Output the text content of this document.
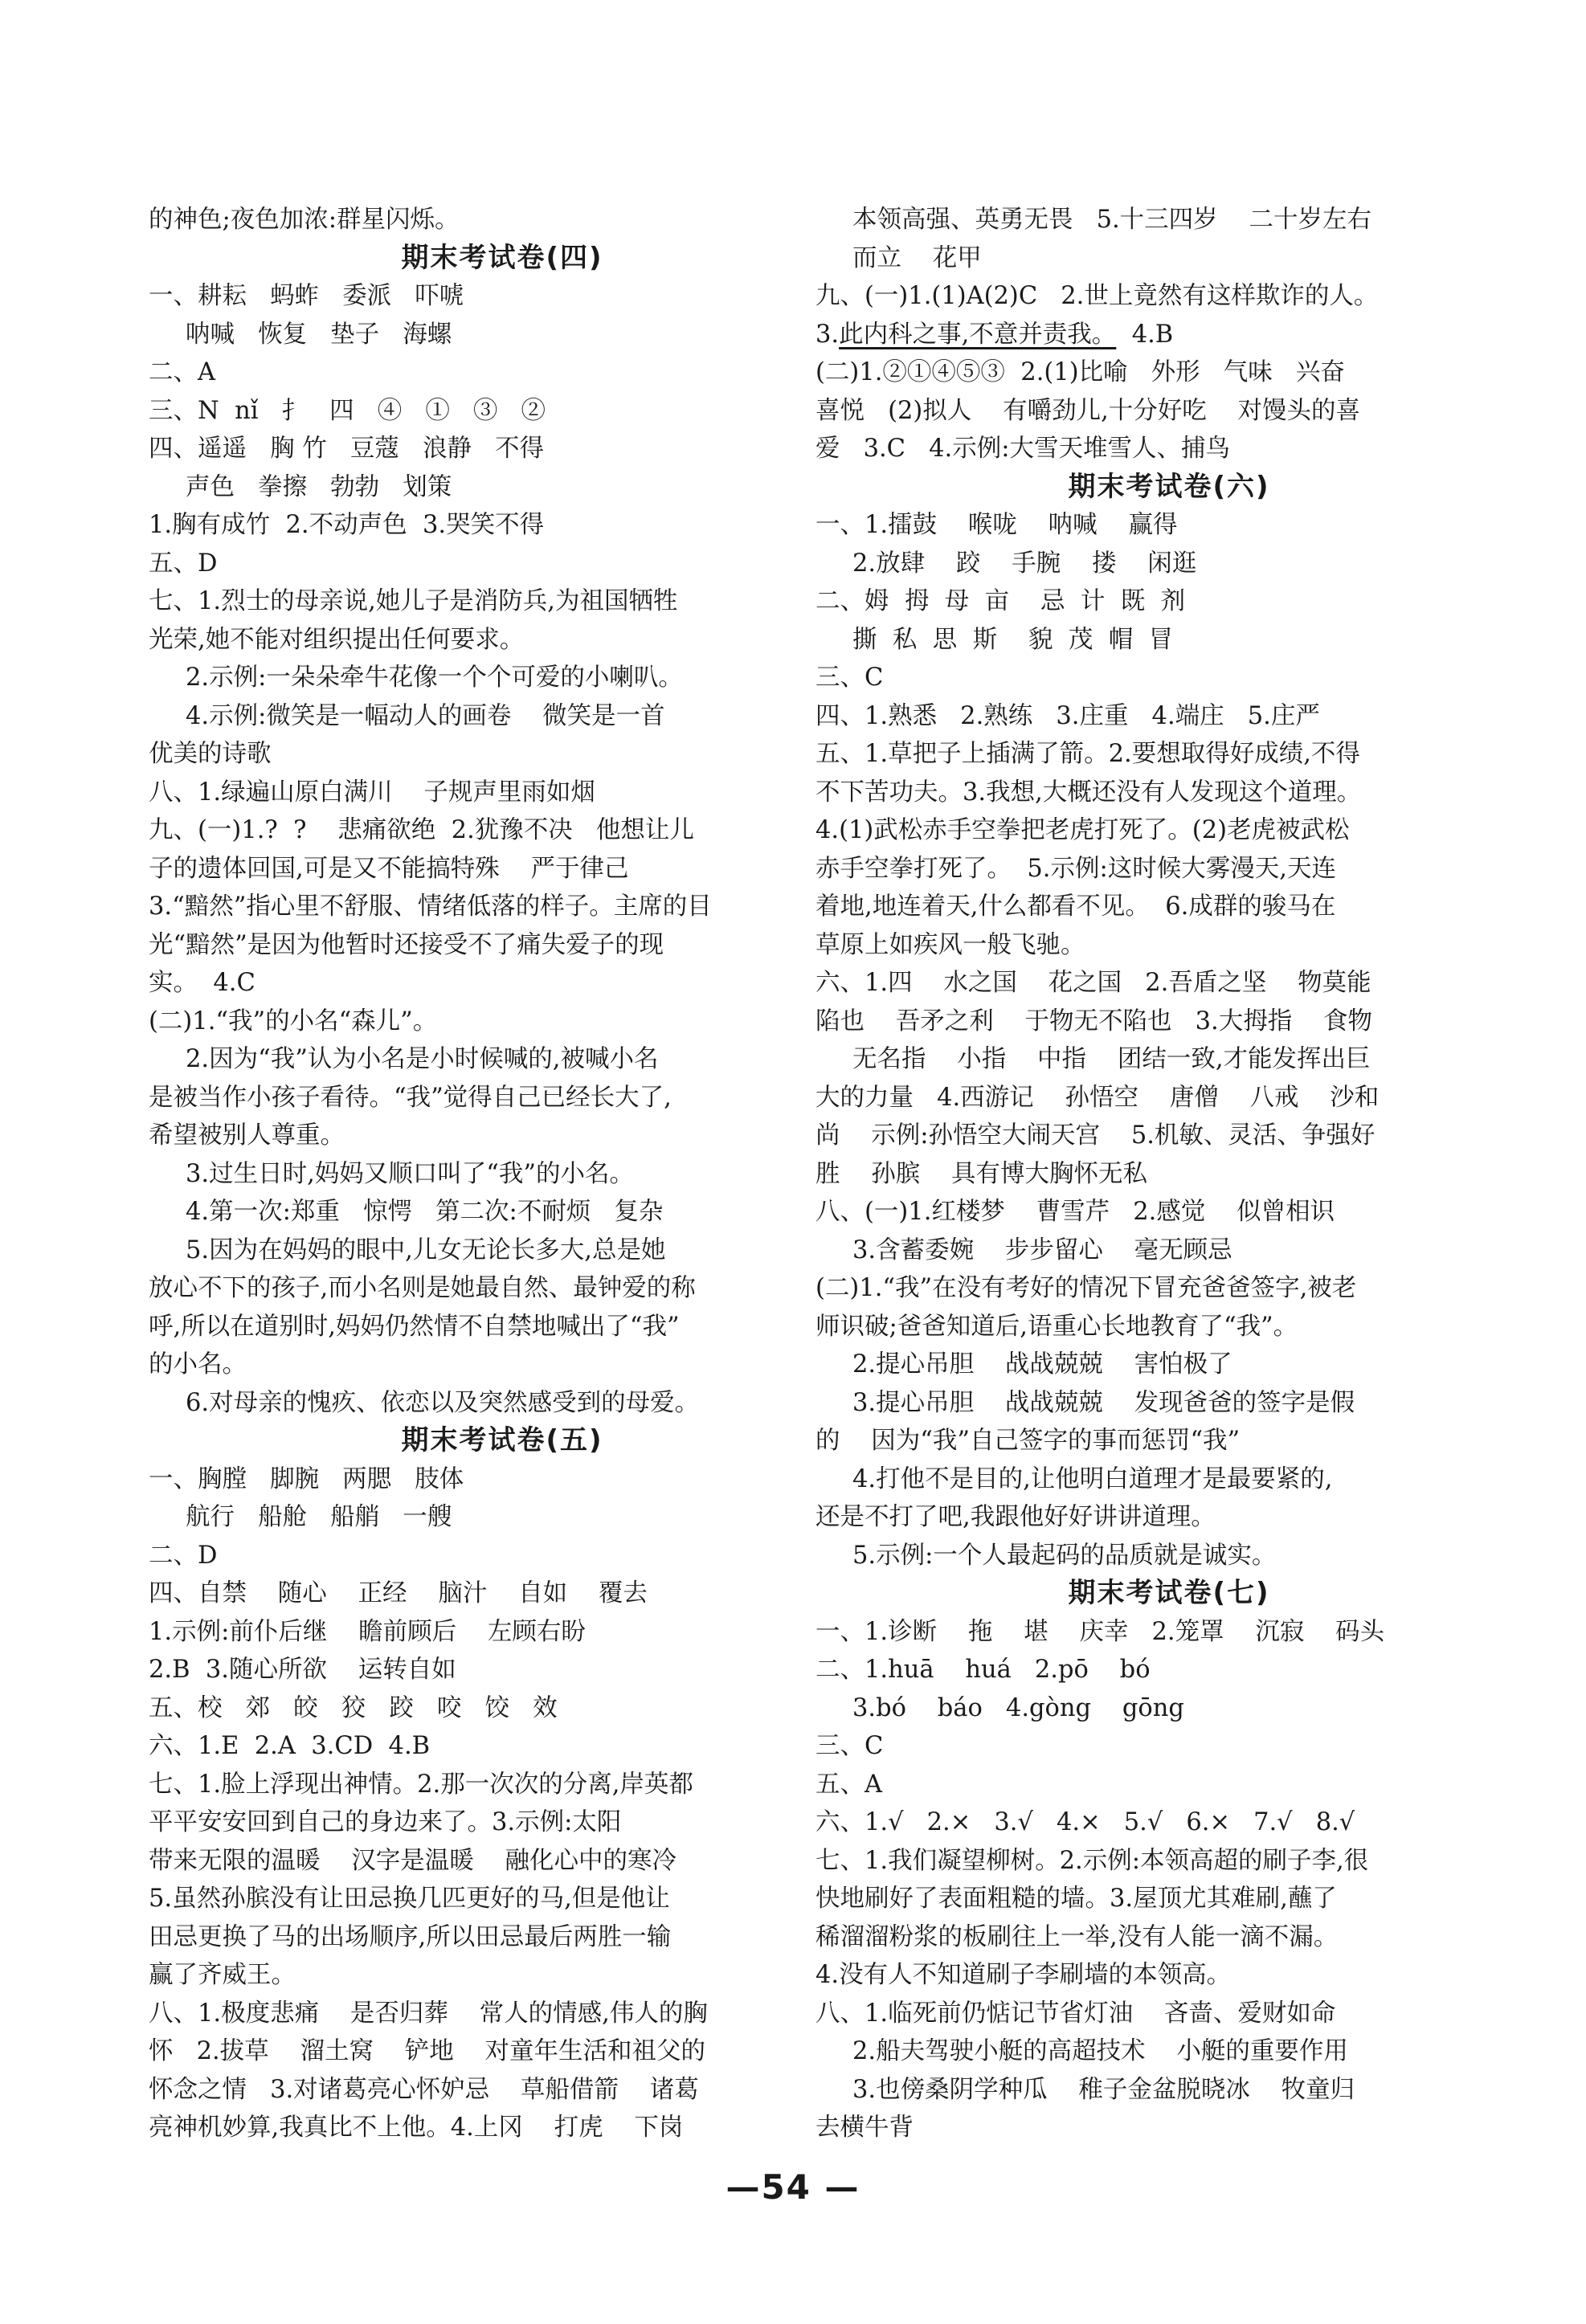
的神色;夜色加浓:群星闪烁。
期末考试卷(四)
一、耕耘   蚂蚱   委派   吓唬
呐喊   恢复   垫子   海螺
二、A
三、N  nǐ   扌   四   ④   ①   ③   ②
四、遥遥   胸 竹   豆蔻   浪静   不得
声色   拳擦   勃勃   划策
1.胸有成竹  2.不动声色  3.哭笑不得
五、D
七、1.烈士的母亲说,她儿子是消防兵,为祖国牺牲
光荣,她不能对组织提出任何要求。
2.示例:一朵朵牵牛花像一个个可爱的小喇叭。
4.示例:微笑是一幅动人的画卷    微笑是一首
优美的诗歌
八、1.绿遍山原白满川    子规声里雨如烟
九、(一)1.?  ?    悲痛欲绝  2.犹豫不决   他想让儿
子的遗体回国,可是又不能搞特殊    严于律己
3.“黯然”指心里不舒服、情绪低落的样子。主席的目
光“黯然”是因为他暂时还接受不了痛失爱子的现
实。  4.C
(二)1.“我”的小名“森儿”。
2.因为“我”认为小名是小时候喊的,被喊小名
是被当作小孩子看待。“我”觉得自己已经长大了,
希望被别人尊重。
3.过生日时,妈妈又顺口叫了“我”的小名。
4.第一次:郑重   惊愕   第二次:不耐烦   复杂
5.因为在妈妈的眼中,儿女无论长多大,总是她
放心不下的孩子,而小名则是她最自然、最钟爱的称
呼,所以在道别时,妈妈仍然情不自禁地喊出了“我”
的小名。
6.对母亲的愧疚、依恋以及突然感受到的母爱。
期末考试卷(五)
一、胸膛   脚腕   两腮   肢体
航行   船舱   船艄   一艘
二、D
四、自禁    随心    正经    脑汁    自如    覆去
1.示例:前仆后继    瞻前顾后    左顾右盼
2.B  3.随心所欲    运转自如
五、校   郊   皎   狡   跤   咬   饺   效
六、1.E  2.A  3.CD  4.B
七、1.脸上浮现出神情。2.那一次次的分离,岸英都
平平安安回到自己的身边来了。3.示例:太阳
带来无限的温暖    汉字是温暖    融化心中的寒冷
5.虽然孙膑没有让田忌换几匹更好的马,但是他让
田忌更换了马的出场顺序,所以田忌最后两胜一输
赢了齐威王。
八、1.极度悲痛    是否归葬    常人的情感,伟人的胸
怀   2.拔草    溜土窝    铲地    对童年生活和祖父的
怀念之情   3.对诸葛亮心怀妒忌    草船借箭    诸葛
亮神机妙算,我真比不上他。4.上冈    打虎    下岗
本领高强、英勇无畏   5.十三四岁    二十岁左右
而立    花甲
九、(一)1.(1)A(2)C   2.世上竟然有这样欺诈的人。
3.此内科之事,不意并责我。  4.B
(二)1.②①④⑤③  2.(1)比喻   外形   气味   兴奋
喜悦   (2)拟人    有嚼劲儿,十分好吃    对馒头的喜
爱   3.C   4.示例:大雪天堆雪人、捕鸟
期末考试卷(六)
一、1.擂鼓    喉咙    呐喊    赢得
2.放肆    跤    手腕    搂    闲逛
二、姆  拇  母  亩    忌  计  既  剂
撕  私  思  斯    貌  茂  帽  冒
三、C
四、1.熟悉   2.熟练   3.庄重   4.端庄   5.庄严
五、1.草把子上插满了箭。2.要想取得好成绩,不得
不下苦功夫。3.我想,大概还没有人发现这个道理。
4.(1)武松赤手空拳把老虎打死了。(2)老虎被武松
赤手空拳打死了。  5.示例:这时候大雾漫天,天连
着地,地连着天,什么都看不见。  6.成群的骏马在
草原上如疾风一般飞驰。
六、1.四    水之国    花之国   2.吾盾之坚    物莫能
陷也    吾矛之利    于物无不陷也   3.大拇指    食物
无名指    小指    中指    团结一致,才能发挥出巨
大的力量   4.西游记    孙悟空    唐僧    八戒    沙和
尚    示例:孙悟空大闹天宫    5.机敏、灵活、争强好
胜    孙膑    具有博大胸怀无私
八、(一)1.红楼梦    曹雪芹   2.感觉    似曾相识
3.含蓄委婉    步步留心    毫无顾忌
(二)1.“我”在没有考好的情况下冒充爸爸签字,被老
师识破;爸爸知道后,语重心长地教育了“我”。
2.提心吊胆    战战兢兢    害怕极了
3.提心吊胆    战战兢兢    发现爸爸的签字是假
的    因为“我”自己签字的事而惩罚“我”
4.打他不是目的,让他明白道理才是最要紧的,
还是不打了吧,我跟他好好讲讲道理。
5.示例:一个人最起码的品质就是诚实。
期末考试卷(七)
一、1.诊断    拖    堪    庆幸   2.笼罩    沉寂    码头
二、1.huā    huá   2.pō    bó
3.bó    báo   4.gòng    gōng
三、C
五、A
六、1.√   2.×   3.√   4.×   5.√   6.×   7.√   8.√
七、1.我们凝望柳树。2.示例:本领高超的刷子李,很
快地刷好了表面粗糙的墙。3.屋顶尤其难刷,蘸了
稀溜溜粉浆的板刷往上一举,没有人能一滴不漏。
4.没有人不知道刷子李刷墙的本领高。
八、1.临死前仍惦记节省灯油    吝啬、爱财如命
2.船夫驾驶小艇的高超技术    小艇的重要作用
3.也傍桑阴学种瓜    稚子金盆脱晓冰    牧童归
去横牛背
—54 —
